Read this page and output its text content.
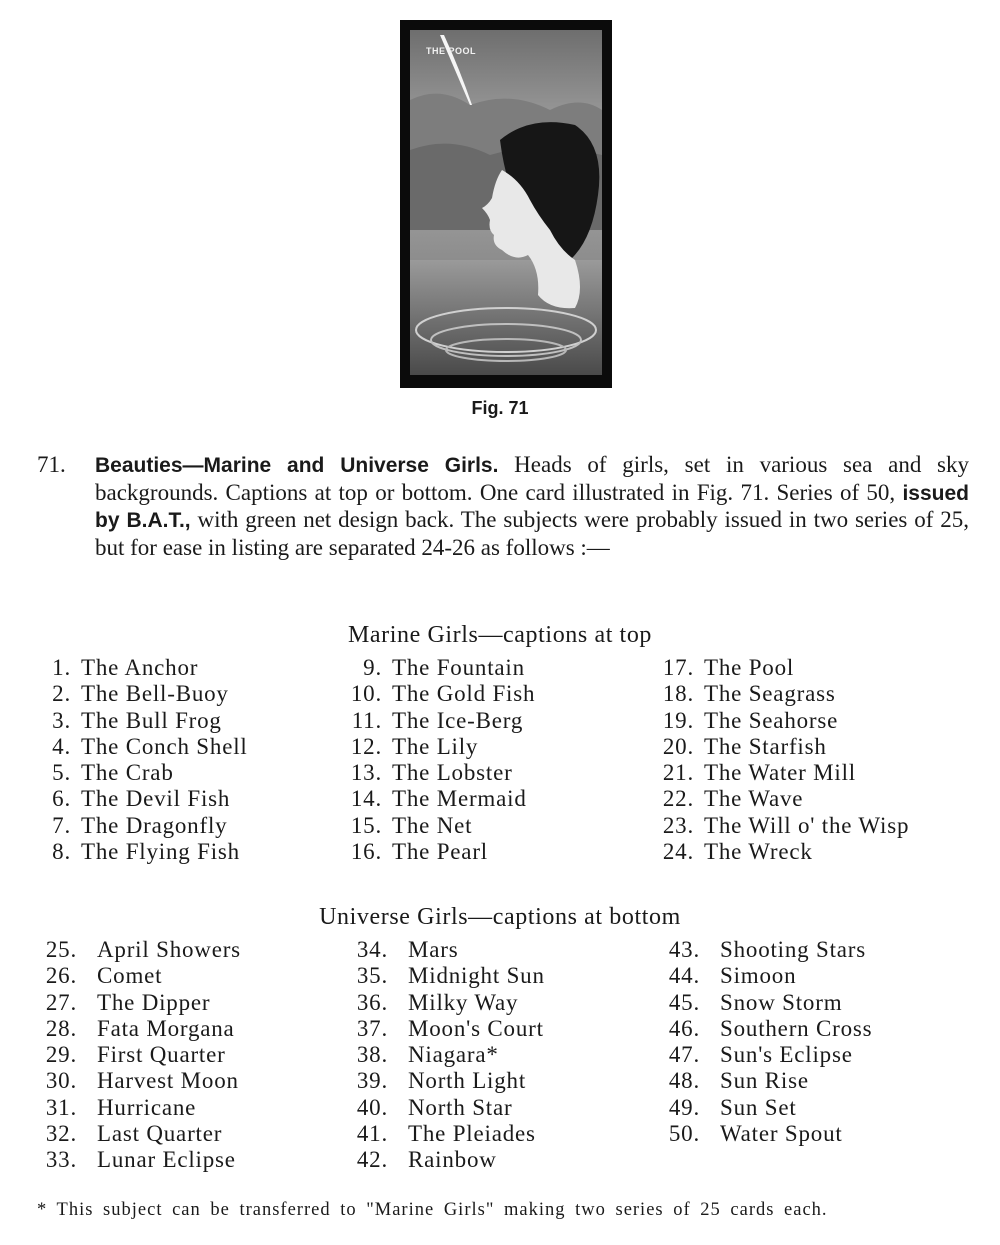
THE POOL
Fig. 71
71. Beauties—Marine and Universe Girls. Heads of girls, set in various sea and sky backgrounds. Captions at top or bottom. One card illustrated in Fig. 71. Series of 50, issued by B.A.T., with green net design back. The subjects were probably issued in two series of 25, but for ease in listing are separated 24-26 as follows :—
Marine Girls—captions at top
1. The Anchor
2. The Bell-Buoy
3. The Bull Frog
4. The Conch Shell
5. The Crab
6. The Devil Fish
7. The Dragonfly
8. The Flying Fish
9. The Fountain
10. The Gold Fish
11. The Ice-Berg
12. The Lily
13. The Lobster
14. The Mermaid
15. The Net
16. The Pearl
17. The Pool
18. The Seagrass
19. The Seahorse
20. The Starfish
21. The Water Mill
22. The Wave
23. The Will o' the Wisp
24. The Wreck
Universe Girls—captions at bottom
25. April Showers
26. Comet
27. The Dipper
28. Fata Morgana
29. First Quarter
30. Harvest Moon
31. Hurricane
32. Last Quarter
33. Lunar Eclipse
34. Mars
35. Midnight Sun
36. Milky Way
37. Moon's Court
38. Niagara*
39. North Light
40. North Star
41. The Pleiades
42. Rainbow
43. Shooting Stars
44. Simoon
45. Snow Storm
46. Southern Cross
47. Sun's Eclipse
48. Sun Rise
49. Sun Set
50. Water Spout
* This subject can be transferred to "Marine Girls" making two series of 25 cards each.
